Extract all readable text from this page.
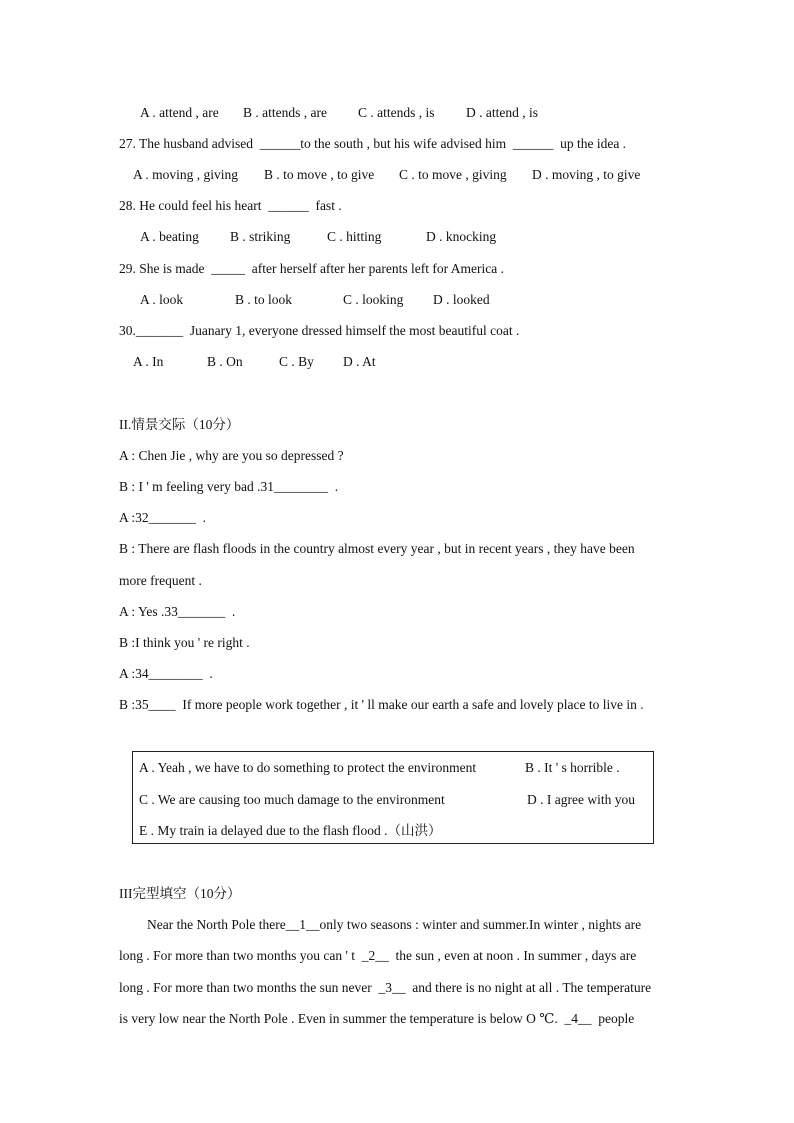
A . attend , are B . attends , are C . attends , is D . attend , is
27. The husband advised  ______to the south , but his wife advised him  ______  up the idea .
A . moving , giving B . to move , to give C . to move , giving D . moving , to give
28. He could feel his heart  ______  fast .
A . beating B . striking	C . hitting	D . knocking
29. She is made  _____  after herself after her parents left for America .
A . look	B . to look	C . looking D . looked
30._______  Juanary 1, everyone dressed himself the most beautiful coat .
A . In	B . On	C . By D . At
II.情景交际（10分）
A : Chen Jie , why are you so depressed ?
B : I ' m feeling very bad .31________  .
A :32_______  .
B : There are flash floods in the country almost every year , but in recent years , they have been
more frequent .
A : Yes .33_______  .
B :I think you ' re right .
A :34________  .
B :35____  If more people work together , it ' ll make our earth a safe and lovely place to live in .
A . Yeah , we have to do something to protect the environment	B . It ' s horrible .
C . We are causing too much damage to the environment	D . I agree with you
E . My train ia delayed due to the flash flood .（山洪）
III完型填空（10分）
Near the North Pole there__1__only two seasons : winter and summer.In winter , nights are
long . For more than two months you can ' t  _2__  the sun , even at noon . In summer , days are
long . For more than two months the sun never  _3__  and there is no night at all . The temperature
is very low near the North Pole . Even in summer the temperature is below O ℃.  _4__  people
